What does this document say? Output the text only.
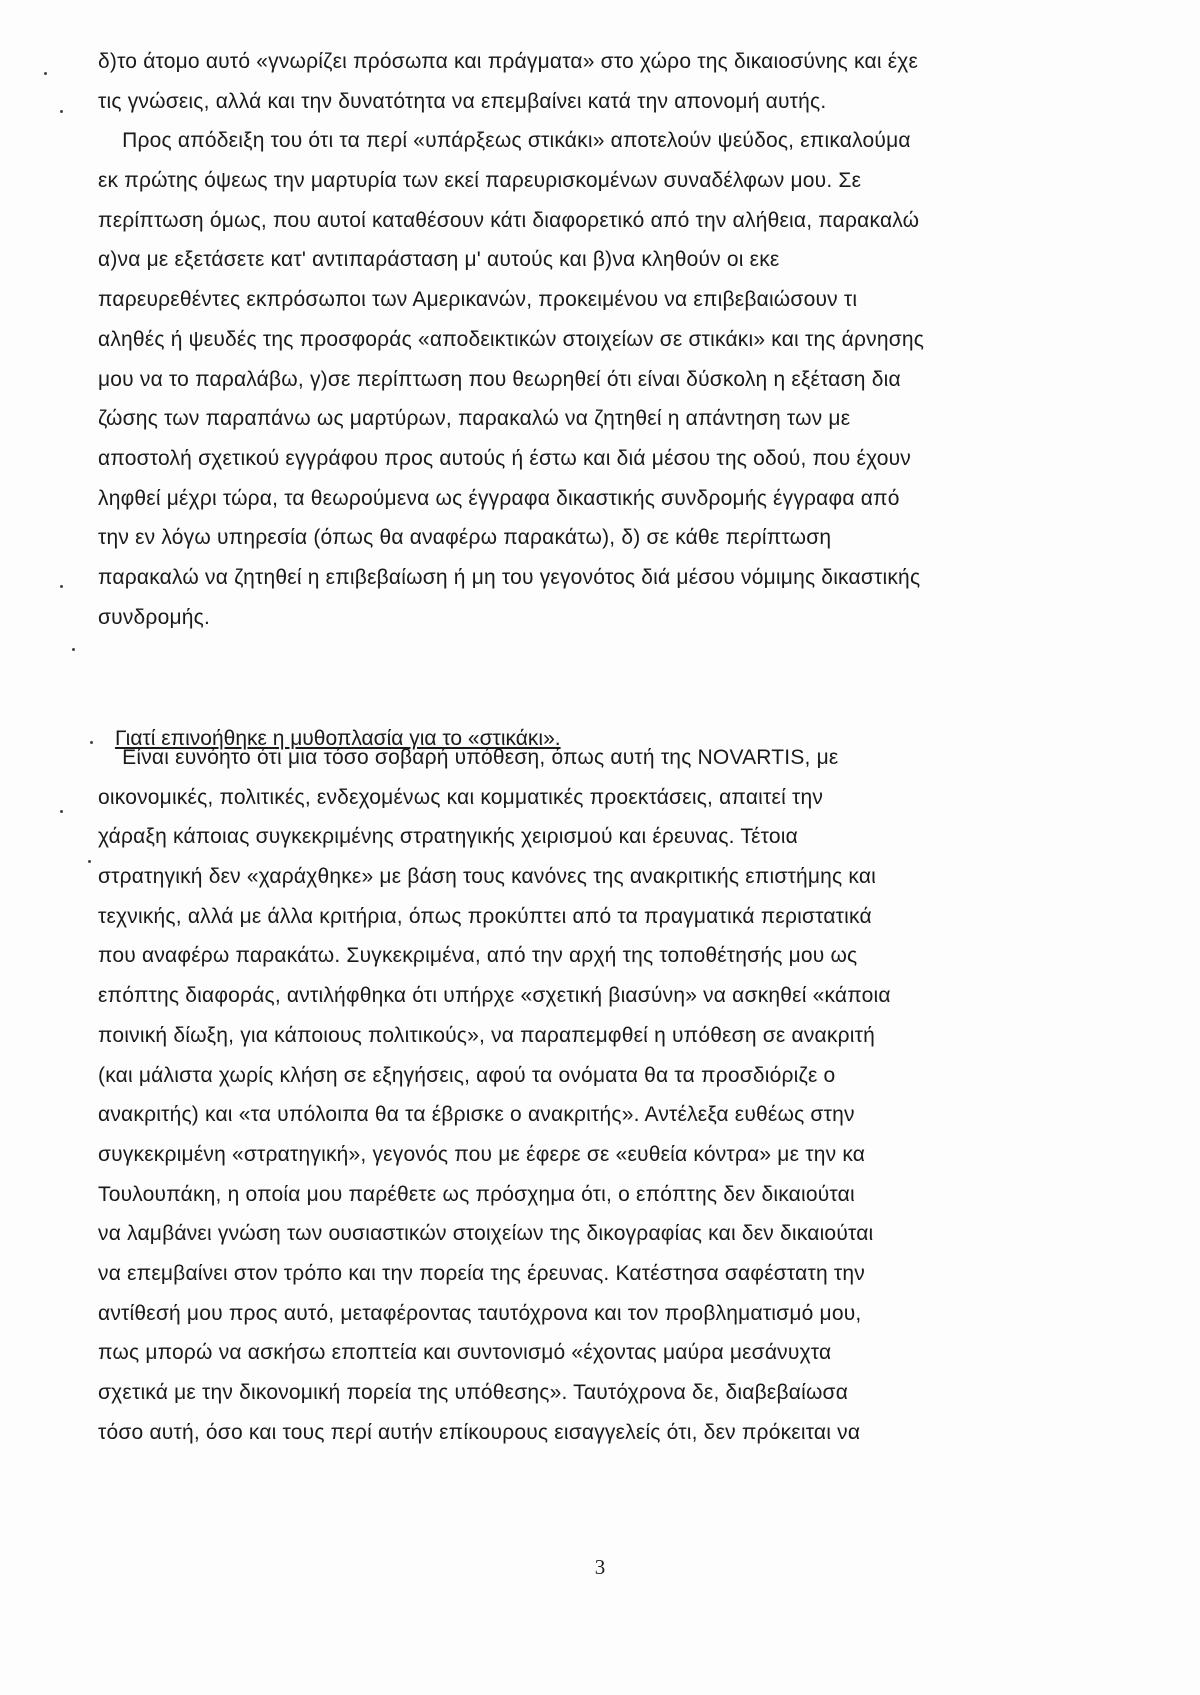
δ)το άτομο αυτό «γνωρίζει πρόσωπα και πράγματα» στο χώρο της δικαιοσύνης και έχε
τις γνώσεις, αλλά και την δυνατότητα να επεμβαίνει κατά την απονομή αυτής.
Προς απόδειξη του ότι τα περί «υπάρξεως στικάκι» αποτελούν ψεύδος, επικαλούμα
εκ πρώτης όψεως την μαρτυρία των εκεί παρευρισκομένων συναδέλφων μου. Σε
περίπτωση όμως, που αυτοί καταθέσουν κάτι διαφορετικό από την αλήθεια, παρακαλώ
α)να με εξετάσετε κατ' αντιπαράσταση μ' αυτούς και β)να κληθούν οι εκε
παρευρεθέντες εκπρόσωποι των Αμερικανών, προκειμένου να επιβεβαιώσουν τι
αληθές ή ψευδές της προσφοράς «αποδεικτικών στοιχείων σε στικάκι» και της άρνησης
μου να το παραλάβω, γ)σε περίπτωση που θεωρηθεί ότι είναι δύσκολη η εξέταση δια
ζώσης των παραπάνω ως μαρτύρων, παρακαλώ να ζητηθεί η απάντηση των με
αποστολή σχετικού εγγράφου προς αυτούς ή έστω και διά μέσου της οδού, που έχουν
ληφθεί μέχρι τώρα, τα θεωρούμενα ως έγγραφα δικαστικής συνδρομής έγγραφα από
την εν λόγω υπηρεσία (όπως θα αναφέρω παρακάτω), δ) σε κάθε περίπτωση
παρακαλώ να ζητηθεί η επιβεβαίωση ή μη του γεγονότος διά μέσου νόμιμης δικαστικής
συνδρομής.
Γιατί επινοήθηκε η μυθοπλασία για το «στικάκι».
Είναι ευνόητο ότι μια τόσο σοβαρή υπόθεση, όπως αυτή της NOVARTIS, με
οικονομικές, πολιτικές, ενδεχομένως και κομματικές προεκτάσεις, απαιτεί την
χάραξη κάποιας συγκεκριμένης στρατηγικής χειρισμού και έρευνας. Τέτοια
στρατηγική δεν «χαράχθηκε» με βάση τους κανόνες της ανακριτικής επιστήμης και
τεχνικής, αλλά με άλλα κριτήρια, όπως προκύπτει από τα πραγματικά περιστατικά
που αναφέρω παρακάτω. Συγκεκριμένα, από την αρχή της τοποθέτησής μου ως
επόπτης διαφοράς, αντιλήφθηκα ότι υπήρχε «σχετική βιασύνη» να ασκηθεί «κάποια
ποινική δίωξη, για κάποιους πολιτικούς», να παραπεμφθεί η υπόθεση σε ανακριτή
(και μάλιστα χωρίς κλήση σε εξηγήσεις, αφού τα ονόματα θα τα προσδιόριζε ο
ανακριτής) και «τα υπόλοιπα θα τα έβρισκε ο ανακριτής». Αντέλεξα ευθέως στην
συγκεκριμένη «στρατηγική», γεγονός που με έφερε σε «ευθεία κόντρα» με την κα
Τουλουπάκη, η οποία μου παρέθετε ως πρόσχημα ότι, ο επόπτης δεν δικαιούται
να λαμβάνει γνώση των ουσιαστικών στοιχείων της δικογραφίας και δεν δικαιούται
να επεμβαίνει στον τρόπο και την πορεία της έρευνας. Κατέστησα σαφέστατη την
αντίθεσή μου προς αυτό, μεταφέροντας ταυτόχρονα και τον προβληματισμό μου,
πως μπορώ να ασκήσω εποπτεία και συντονισμό «έχοντας μαύρα μεσάνυχτα
σχετικά με την δικονομική πορεία της υπόθεσης». Ταυτόχρονα δε, διαβεβαίωσα
τόσο αυτή, όσο και τους περί αυτήν επίκουρους εισαγγελείς ότι, δεν πρόκειται να
3
